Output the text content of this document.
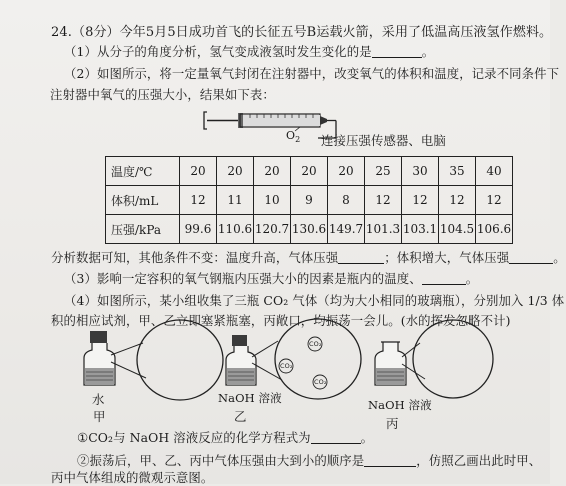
24.（8分）今年5月5日成功首飞的长征五号B运载火箭，采用了低温高压液氢作燃料。
（1）从分子的角度分析，氢气变成液氢时发生变化的是	。
（2）如图所示，将一定量氧气封闭在注射器中，改变氧气的体积和温度，记录不同条件下
注射器中氧气的压强大小，结果如下表：
$O_2$ 连接压强传感器、电脑
温度/℃	20	20	20	20	20	25	30	35	40
体积/mL	12	11	10	9	8	12	12	12	12
压强/kPa	99.6	110.6	120.7	130.6	149.7	101.3	103.1	104.5	106.6
分析数据可知，其他条件不变：温度升高，气体压强	；体积增大，气体压强	。
（3）影响一定容积的氧气钢瓶内压强大小的因素是瓶内的温度、	。
（4）如图所示，某小组收集了三瓶 CO₂ 气体（均为大小相同的玻璃瓶），分别加入 1/3 体
积的相应试剂，甲、乙立即塞紧瓶塞，丙敞口，均振荡一会儿。(水的挥发忽略不计)
CO₂
CO₂
CO₂
水
甲
NaOH 溶液
乙
NaOH 溶液
丙
①CO₂与 NaOH 溶液反应的化学方程式为	。
②振荡后，甲、乙、丙中气体压强由大到小的顺序是	，仿照乙画出此时甲、
丙中气体组成的微观示意图。
